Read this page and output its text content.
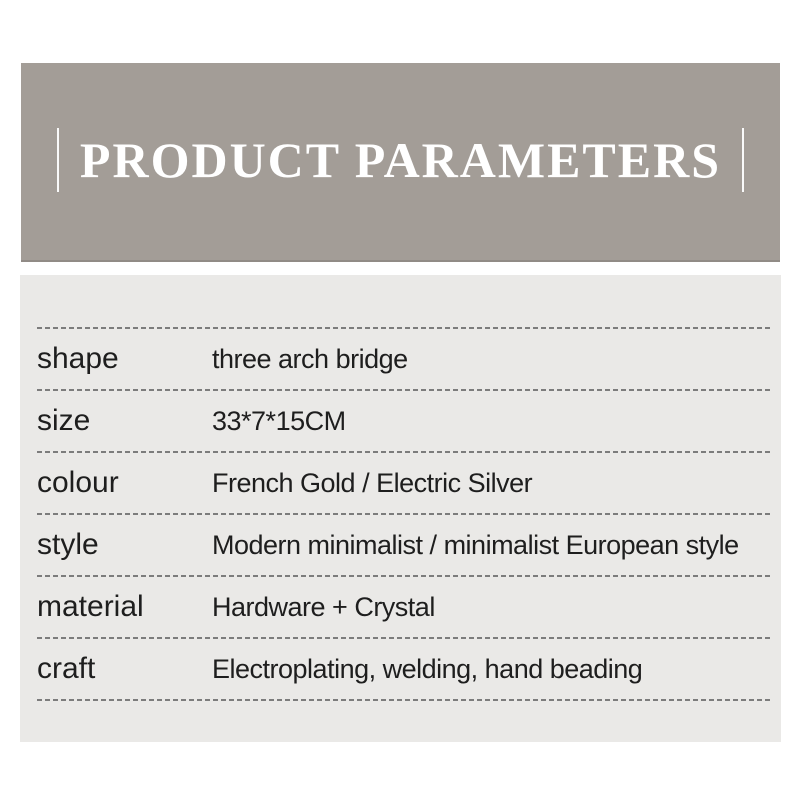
PRODUCT PARAMETERS
shape	three arch bridge
size	33*7*15CM
colour	French Gold / Electric Silver
style	Modern minimalist / minimalist European style
material	Hardware + Crystal
craft	Electroplating, welding, hand beading
